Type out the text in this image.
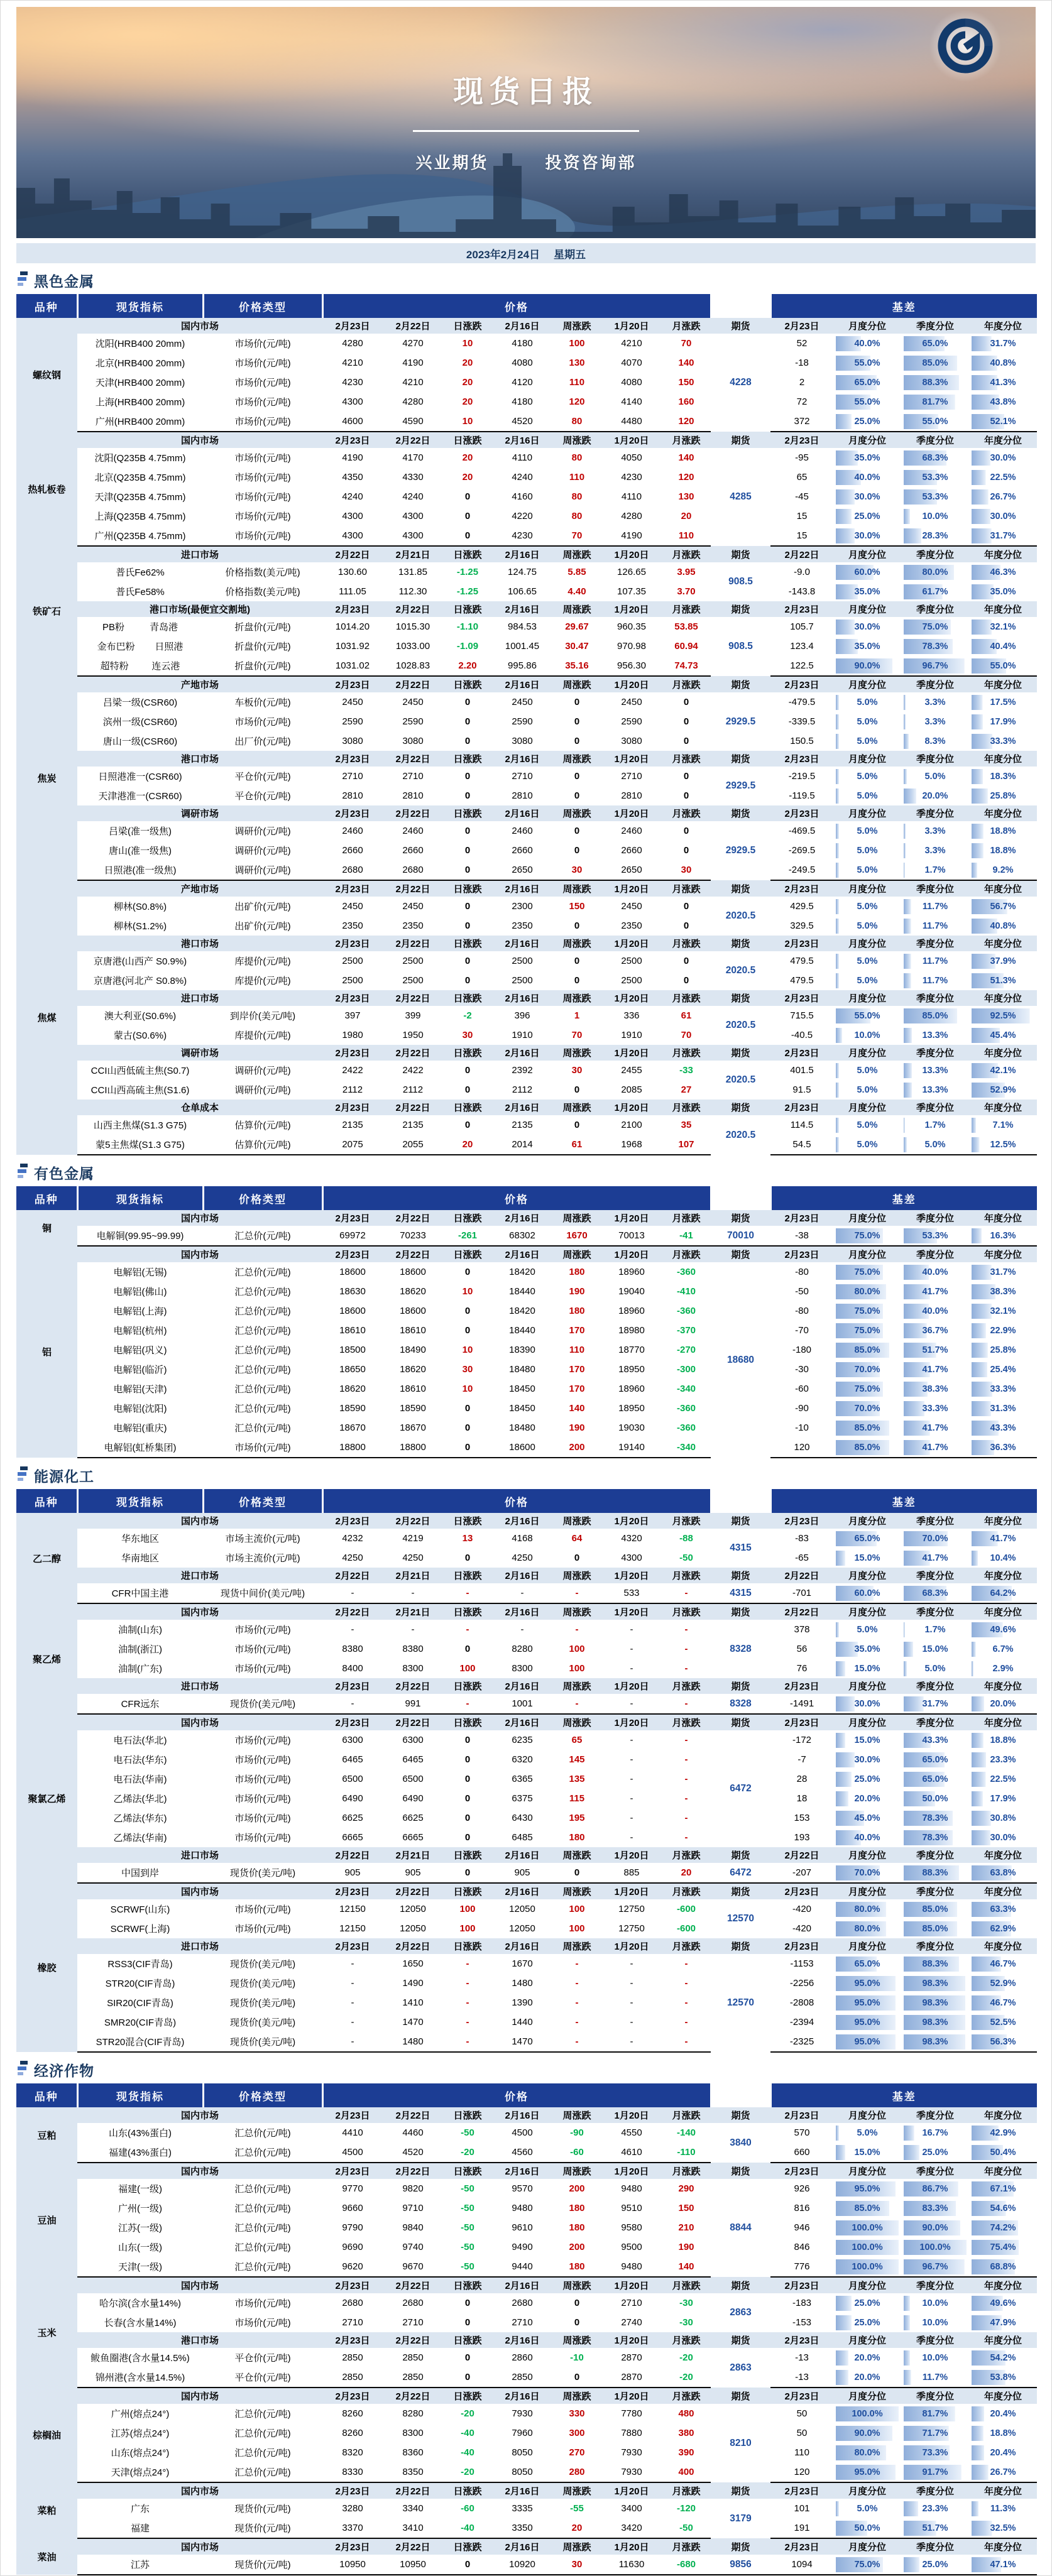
现货日报
兴业期货	投资咨询部
2023年2月24日 星期五
黑色金属
品种	现货指标	价格类型	价格								基差			
螺纹钢	国内市场		2月23日	2月22日	日涨跌	2月16日	周涨跌	1月20日	月涨跌	期货	2月23日	月度分位	季度分位	年度分位
	沈阳(HRB400 20mm)	市场价(元/吨)	4280	4270	10	4180	100	4210	70	4228	52	40.0%	65.0%	31.7%

	北京(HRB400 20mm)	市场价(元/吨)	4210	4190	20	4080	130	4070	140		-18	55.0%	85.0%	40.8%

	天津(HRB400 20mm)	市场价(元/吨)	4230	4210	20	4120	110	4080	150		2	65.0%	88.3%	41.3%

	上海(HRB400 20mm)	市场价(元/吨)	4300	4280	20	4180	120	4140	160		72	55.0%	81.7%	43.8%

	广州(HRB400 20mm)	市场价(元/吨)	4600	4590	10	4520	80	4480	120		372	25.0%	55.0%	52.1%

热轧板卷	国内市场		2月23日	2月22日	日涨跌	2月16日	周涨跌	1月20日	月涨跌	期货	2月23日	月度分位	季度分位	年度分位
	沈阳(Q235B 4.75mm)	市场价(元/吨)	4190	4170	20	4110	80	4050	140	4285	-95	35.0%	68.3%	30.0%

	北京(Q235B 4.75mm)	市场价(元/吨)	4350	4330	20	4240	110	4230	120		65	40.0%	53.3%	22.5%

	天津(Q235B 4.75mm)	市场价(元/吨)	4240	4240	0	4160	80	4110	130		-45	30.0%	53.3%	26.7%

	上海(Q235B 4.75mm)	市场价(元/吨)	4300	4300	0	4220	80	4280	20		15	25.0%	10.0%	30.0%

	广州(Q235B 4.75mm)	市场价(元/吨)	4300	4300	0	4230	70	4190	110		15	30.0%	28.3%	31.7%

铁矿石	进口市场		2月22日	2月21日	日涨跌	2月16日	周涨跌	1月20日	月涨跌	期货	2月22日	月度分位	季度分位	年度分位
	普氏Fe62%	价格指数(美元/吨)	130.60	131.85	-1.25	124.75	5.85	126.65	3.95	908.5	-9.0	60.0%	80.0%	46.3%

	普氏Fe58%	价格指数(美元/吨)	111.05	112.30	-1.25	106.65	4.40	107.35	3.70		-143.8	35.0%	61.7%	35.0%

	港口市场(最便宜交割地)		2月23日	2月22日	日涨跌	2月16日	周涨跌	1月20日	月涨跌	期货	2月23日	月度分位	季度分位	年度分位

	PB粉 青岛港	折盘价(元/吨)	1014.20	1015.30	-1.10	984.53	29.67	960.35	53.85	908.5	105.7	30.0%	75.0%	32.1%

	金布巴粉 日照港	折盘价(元/吨)	1031.92	1033.00	-1.09	1001.45	30.47	970.98	60.94		123.4	35.0%	78.3%	40.4%

	超特粉 连云港	折盘价(元/吨)	1031.02	1028.83	2.20	995.86	35.16	956.30	74.73		122.5	90.0%	96.7%	55.0%

焦炭	产地市场		2月23日	2月22日	日涨跌	2月16日	周涨跌	1月20日	月涨跌	期货	2月23日	月度分位	季度分位	年度分位
	吕梁一级(CSR60)	车板价(元/吨)	2450	2450	0	2450	0	2450	0	2929.5	-479.5	5.0%	3.3%	17.5%

	滨州一级(CSR60)	市场价(元/吨)	2590	2590	0	2590	0	2590	0		-339.5	5.0%	3.3%	17.9%

	唐山一级(CSR60)	出厂价(元/吨)	3080	3080	0	3080	0	3080	0		150.5	5.0%	8.3%	33.3%

	港口市场		2月23日	2月22日	日涨跌	2月16日	周涨跌	1月20日	月涨跌	期货	2月23日	月度分位	季度分位	年度分位
	日照港准一(CSR60)	平仓价(元/吨)	2710	2710	0	2710	0	2710	0	2929.5	-219.5	5.0%	5.0%	18.3%

	天津港准一(CSR60)	平仓价(元/吨)	2810	2810	0	2810	0	2810	0		-119.5	5.0%	20.0%	25.8%

	调研市场		2月23日	2月22日	日涨跌	2月16日	周涨跌	1月20日	月涨跌	期货	2月23日	月度分位	季度分位	年度分位
	吕梁(准一级焦)	调研价(元/吨)	2460	2460	0	2460	0	2460	0	2929.5	-469.5	5.0%	3.3%	18.8%

	唐山(准一级焦)	调研价(元/吨)	2660	2660	0	2660	0	2660	0		-269.5	5.0%	3.3%	18.8%

	日照港(准一级焦)	调研价(元/吨)	2680	2680	0	2650	30	2650	30		-249.5	5.0%	1.7%	9.2%

焦煤	产地市场		2月23日	2月22日	日涨跌	2月16日	周涨跌	1月20日	月涨跌	期货	2月23日	月度分位	季度分位	年度分位
	柳林(S0.8%)	出矿价(元/吨)	2450	2450	0	2300	150	2450	0	2020.5	429.5	5.0%	11.7%	56.7%

	柳林(S1.2%)	出矿价(元/吨)	2350	2350	0	2350	0	2350	0		329.5	5.0%	11.7%	40.8%

	港口市场		2月23日	2月22日	日涨跌	2月16日	周涨跌	1月20日	月涨跌	期货	2月23日	月度分位	季度分位	年度分位
	京唐港(山西产 S0.9%)	库提价(元/吨)	2500	2500	0	2500	0	2500	0	2020.5	479.5	5.0%	11.7%	37.9%

	京唐港(河北产 S0.8%)	库提价(元/吨)	2500	2500	0	2500	0	2500	0		479.5	5.0%	11.7%	51.3%

	进口市场		2月23日	2月22日	日涨跌	2月16日	周涨跌	1月20日	月涨跌	期货	2月23日	月度分位	季度分位	年度分位
	澳大利亚(S0.6%)	到岸价(美元/吨)	397	399	-2	396	1	336	61	2020.5	715.5	55.0%	85.0%	92.5%

	蒙古(S0.6%)	库提价(元/吨)	1980	1950	30	1910	70	1910	70		-40.5	10.0%	13.3%	45.4%

	调研市场		2月23日	2月22日	日涨跌	2月16日	周涨跌	1月20日	月涨跌	期货	2月23日	月度分位	季度分位	年度分位
	CCI山西低硫主焦(S0.7)	调研价(元/吨)	2422	2422	0	2392	30	2455	-33	2020.5	401.5	5.0%	13.3%	42.1%

	CCI山西高硫主焦(S1.6)	调研价(元/吨)	2112	2112	0	2112	0	2085	27		91.5	5.0%	13.3%	52.9%

	仓单成本		2月23日	2月22日	日涨跌	2月16日	周涨跌	1月20日	月涨跌	期货	2月23日	月度分位	季度分位	年度分位
	山西主焦煤(S1.3 G75)	估算价(元/吨)	2135	2135	0	2135	0	2100	35	2020.5	114.5	5.0%	1.7%	7.1%

	蒙5主焦煤(S1.3 G75)	估算价(元/吨)	2075	2055	20	2014	61	1968	107		54.5	5.0%	5.0%	12.5%
有色金属
品种	现货指标	价格类型	价格								基差			
铜	国内市场		2月23日	2月22日	日涨跌	2月16日	周涨跌	1月20日	月涨跌	期货	2月23日	月度分位	季度分位	年度分位
	电解铜(99.95~99.99)	汇总价(元/吨)	69972	70233	-261	68302	1670	70013	-41	70010	-38	75.0%	53.3%	16.3%

铝	国内市场		2月23日	2月22日	日涨跌	2月16日	周涨跌	1月20日	月涨跌	期货	2月23日	月度分位	季度分位	年度分位
	电解铝(无锡)	汇总价(元/吨)	18600	18600	0	18420	180	18960	-360	18680	-80	75.0%	40.0%	31.7%

	电解铝(佛山)	汇总价(元/吨)	18630	18620	10	18440	190	19040	-410		-50	80.0%	41.7%	38.3%

	电解铝(上海)	汇总价(元/吨)	18600	18600	0	18420	180	18960	-360		-80	75.0%	40.0%	32.1%

	电解铝(杭州)	汇总价(元/吨)	18610	18610	0	18440	170	18980	-370		-70	75.0%	36.7%	22.9%

	电解铝(巩义)	汇总价(元/吨)	18500	18490	10	18390	110	18770	-270		-180	85.0%	51.7%	25.8%

	电解铝(临沂)	汇总价(元/吨)	18650	18620	30	18480	170	18950	-300		-30	70.0%	41.7%	25.4%

	电解铝(天津)	汇总价(元/吨)	18620	18610	10	18450	170	18960	-340		-60	75.0%	38.3%	33.3%

	电解铝(沈阳)	汇总价(元/吨)	18590	18590	0	18450	140	18950	-360		-90	70.0%	33.3%	31.3%

	电解铝(重庆)	汇总价(元/吨)	18670	18670	0	18480	190	19030	-360		-10	85.0%	41.7%	43.3%

	电解铝(虹桥集团)	市场价(元/吨)	18800	18800	0	18600	200	19140	-340		120	85.0%	41.7%	36.3%
能源化工
品种	现货指标	价格类型	价格								基差			
乙二醇	国内市场		2月23日	2月22日	日涨跌	2月16日	周涨跌	1月20日	月涨跌	期货	2月23日	月度分位	季度分位	年度分位
	华东地区	市场主流价(元/吨)	4232	4219	13	4168	64	4320	-88	4315	-83	65.0%	70.0%	41.7%

	华南地区	市场主流价(元/吨)	4250	4250	0	4250	0	4300	-50		-65	15.0%	41.7%	10.4%

	进口市场		2月22日	2月21日	日涨跌	2月16日	周涨跌	1月20日	月涨跌	期货	2月22日	月度分位	季度分位	年度分位
	CFR中国主港	现货中间价(美元/吨)	-	-	-	-	-	533	-	4315	-701	60.0%	68.3%	64.2%

聚乙烯	国内市场		2月22日	2月21日	日涨跌	2月16日	周涨跌	1月20日	月涨跌	期货	2月22日	月度分位	季度分位	年度分位
	油制(山东)	市场价(元/吨)	-	-	-	-	-	-	-	8328	378	5.0%	1.7%	49.6%

	油制(浙江)	市场价(元/吨)	8380	8380	0	8280	100	-	-		56	35.0%	15.0%	6.7%

	油制(广东)	市场价(元/吨)	8400	8300	100	8300	100	-	-		76	15.0%	5.0%	2.9%

	进口市场		2月23日	2月22日	日涨跌	2月16日	周涨跌	1月20日	月涨跌	期货	2月23日	月度分位	季度分位	年度分位
	CFR远东	现货价(美元/吨)	-	991	-	1001	-	-	-	8328	-1491	30.0%	31.7%	20.0%

聚氯乙烯	国内市场		2月23日	2月22日	日涨跌	2月16日	周涨跌	1月20日	月涨跌	期货	2月23日	月度分位	季度分位	年度分位
	电石法(华北)	市场价(元/吨)	6300	6300	0	6235	65	-	-	6472	-172	15.0%	43.3%	18.8%

	电石法(华东)	市场价(元/吨)	6465	6465	0	6320	145	-	-		-7	30.0%	65.0%	23.3%

	电石法(华南)	市场价(元/吨)	6500	6500	0	6365	135	-	-		28	25.0%	65.0%	22.5%

	乙烯法(华北)	市场价(元/吨)	6490	6490	0	6375	115	-	-		18	20.0%	50.0%	17.9%

	乙烯法(华东)	市场价(元/吨)	6625	6625	0	6430	195	-	-		153	45.0%	78.3%	30.8%

	乙烯法(华南)	市场价(元/吨)	6665	6665	0	6485	180	-	-		193	40.0%	78.3%	30.0%

	进口市场		2月22日	2月21日	日涨跌	2月16日	周涨跌	1月20日	月涨跌	期货	2月22日	月度分位	季度分位	年度分位
	中国到岸	现货价(美元/吨)	905	905	0	905	0	885	20	6472	-207	70.0%	88.3%	63.8%

橡胶	国内市场		2月23日	2月22日	日涨跌	2月16日	周涨跌	1月20日	月涨跌	期货	2月23日	月度分位	季度分位	年度分位
	SCRWF(山东)	市场价(元/吨)	12150	12050	100	12050	100	12750	-600	12570	-420	80.0%	85.0%	63.3%

	SCRWF(上海)	市场价(元/吨)	12150	12050	100	12050	100	12750	-600		-420	80.0%	85.0%	62.9%

	进口市场		2月23日	2月22日	日涨跌	2月16日	周涨跌	1月20日	月涨跌	期货	2月23日	月度分位	季度分位	年度分位
	RSS3(CIF青岛)	现货价(美元/吨)	-	1650	-	1670	-	-	-	12570	-1153	65.0%	88.3%	46.7%

	STR20(CIF青岛)	现货价(美元/吨)	-	1490	-	1480	-	-	-		-2256	95.0%	98.3%	52.9%

	SIR20(CIF青岛)	现货价(美元/吨)	-	1410	-	1390	-	-	-		-2808	95.0%	98.3%	46.7%

	SMR20(CIF青岛)	现货价(美元/吨)	-	1470	-	1440	-	-	-		-2394	95.0%	98.3%	52.5%

	STR20混合(CIF青岛)	现货价(美元/吨)	-	1480	-	1470	-	-	-		-2325	95.0%	98.3%	56.3%
经济作物
品种	现货指标	价格类型	价格								基差			
豆粕	国内市场		2月23日	2月22日	日涨跌	2月16日	周涨跌	1月20日	月涨跌	期货	2月23日	月度分位	季度分位	年度分位
	山东(43%蛋白)	汇总价(元/吨)	4410	4460	-50	4500	-90	4550	-140	3840	570	5.0%	16.7%	42.9%

	福建(43%蛋白)	汇总价(元/吨)	4500	4520	-20	4560	-60	4610	-110		660	15.0%	25.0%	50.4%

豆油	国内市场		2月23日	2月22日	日涨跌	2月16日	周涨跌	1月20日	月涨跌	期货	2月23日	月度分位	季度分位	年度分位
	福建(一级)	汇总价(元/吨)	9770	9820	-50	9570	200	9480	290	8844	926	95.0%	86.7%	67.1%

	广州(一级)	汇总价(元/吨)	9660	9710	-50	9480	180	9510	150		816	85.0%	83.3%	54.6%

	江苏(一级)	汇总价(元/吨)	9790	9840	-50	9610	180	9580	210		946	100.0%	90.0%	74.2%

	山东(一级)	汇总价(元/吨)	9690	9740	-50	9490	200	9500	190		846	100.0%	100.0%	75.4%

	天津(一级)	汇总价(元/吨)	9620	9670	-50	9440	180	9480	140		776	100.0%	96.7%	68.8%

玉米	国内市场		2月23日	2月22日	日涨跌	2月16日	周涨跌	1月20日	月涨跌	期货	2月23日	月度分位	季度分位	年度分位
	哈尔滨(含水量14%)	市场价(元/吨)	2680	2680	0	2680	0	2710	-30	2863	-183	25.0%	10.0%	49.6%

	长春(含水量14%)	市场价(元/吨)	2710	2710	0	2710	0	2740	-30		-153	25.0%	10.0%	47.9%

	港口市场		2月23日	2月22日	日涨跌	2月16日	周涨跌	1月20日	月涨跌	期货	2月23日	月度分位	季度分位	年度分位
	鲅鱼圈港(含水量14.5%)	平仓价(元/吨)	2850	2850	0	2860	-10	2870	-20	2863	-13	20.0%	10.0%	54.2%

	锦州港(含水量14.5%)	平仓价(元/吨)	2850	2850	0	2850	0	2870	-20		-13	20.0%	11.7%	53.8%

棕榈油	国内市场		2月23日	2月22日	日涨跌	2月16日	周涨跌	1月20日	月涨跌	期货	2月23日	月度分位	季度分位	年度分位
	广州(熔点24°)	汇总价(元/吨)	8260	8280	-20	7930	330	7780	480	8210	50	100.0%	81.7%	20.4%

	江苏(熔点24°)	汇总价(元/吨)	8260	8300	-40	7960	300	7880	380		50	90.0%	71.7%	18.8%

	山东(熔点24°)	汇总价(元/吨)	8320	8360	-40	8050	270	7930	390		110	80.0%	73.3%	20.4%

	天津(熔点24°)	汇总价(元/吨)	8330	8350	-20	8050	280	7930	400		120	95.0%	91.7%	26.7%

菜粕	国内市场		2月23日	2月22日	日涨跌	2月16日	周涨跌	1月20日	月涨跌	期货	2月23日	月度分位	季度分位	年度分位
	广东	现货价(元/吨)	3280	3340	-60	3335	-55	3400	-120	3179	101	5.0%	23.3%	11.3%

	福建	现货价(元/吨)	3370	3410	-40	3350	20	3420	-50		191	50.0%	51.7%	32.5%

菜油	国内市场		2月23日	2月22日	日涨跌	2月16日	周涨跌	1月20日	月涨跌	期货	2月23日	月度分位	季度分位	年度分位
	江苏	现货价(元/吨)	10950	10950	0	10920	30	11630	-680	9856	1094	75.0%	25.0%	47.1%
